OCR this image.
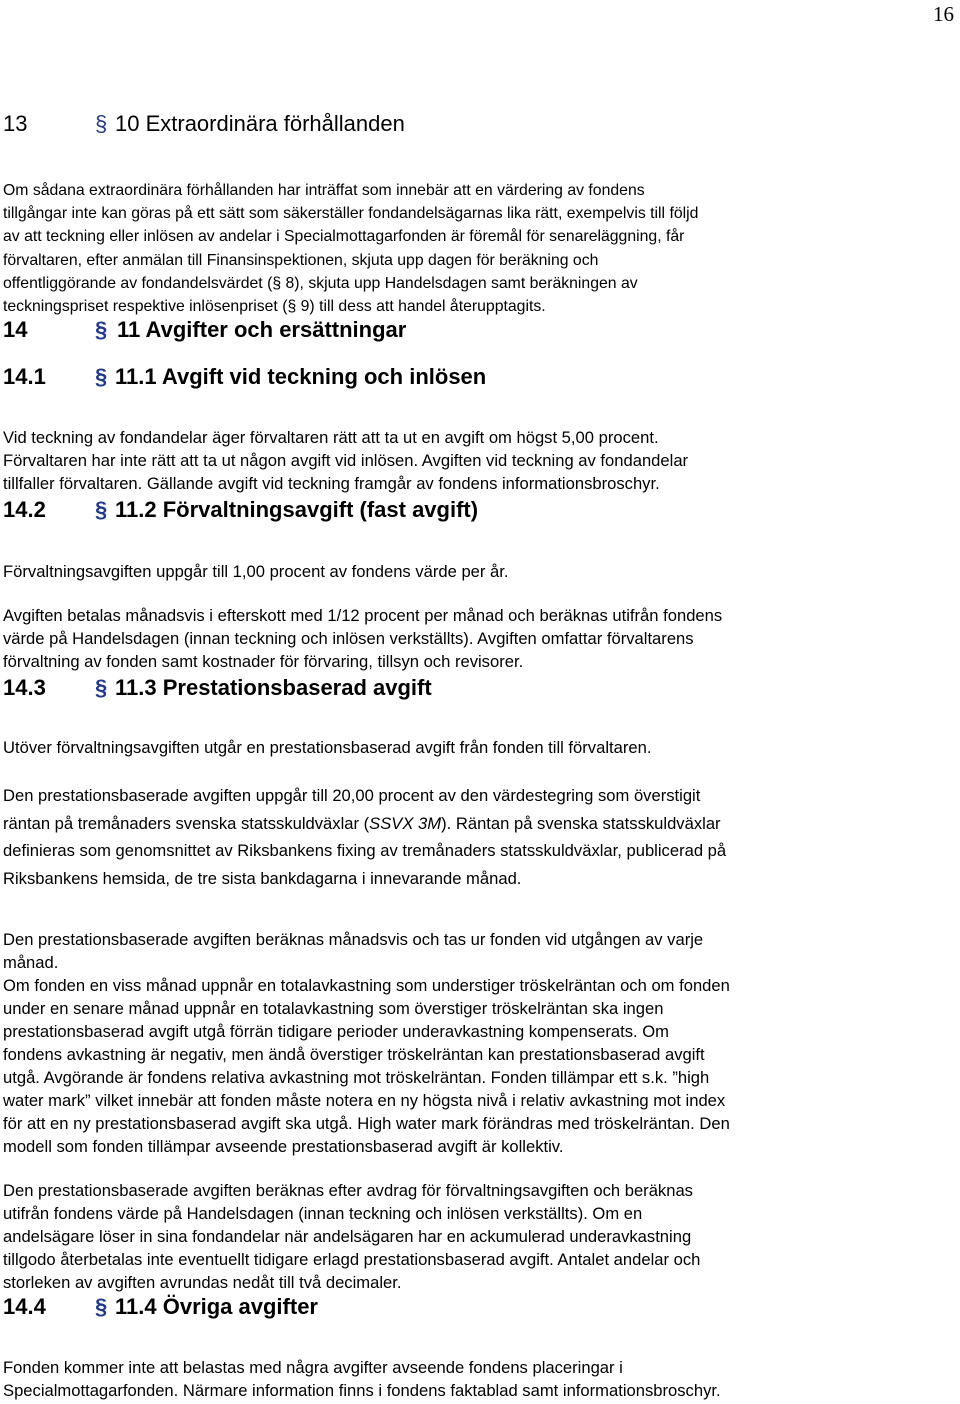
16
13	§ 10 Extraordinära förhållanden
Om sådana extraordinära förhållanden har inträffat som innebär att en värdering av fondens
tillgångar inte kan göras på ett sätt som säkerställer fondandelsägarnas lika rätt, exempelvis till följd
av att teckning eller inlösen av andelar i Specialmottagarfonden är föremål för senareläggning, får
förvaltaren, efter anmälan till Finansinspektionen, skjuta upp dagen för beräkning och
offentliggörande av fondandelsvärdet (§ 8), skjuta upp Handelsdagen samt beräkningen av
teckningspriset respektive inlösenpriset (§ 9) till dess att handel återupptagits.
14	§ 11 Avgifter och ersättningar
14.1 § 11.1 Avgift vid teckning och inlösen
Vid teckning av fondandelar äger förvaltaren rätt att ta ut en avgift om högst 5,00 procent.
Förvaltaren har inte rätt att ta ut någon avgift vid inlösen. Avgiften vid teckning av fondandelar
tillfaller förvaltaren. Gällande avgift vid teckning framgår av fondens informationsbroschyr.
14.2 § 11.2 Förvaltningsavgift (fast avgift)
Förvaltningsavgiften uppgår till 1,00 procent av fondens värde per år.
Avgiften betalas månadsvis i efterskott med 1/12 procent per månad och beräknas utifrån fondens
värde på Handelsdagen (innan teckning och inlösen verkställts). Avgiften omfattar förvaltarens
förvaltning av fonden samt kostnader för förvaring, tillsyn och revisorer.
14.3 § 11.3 Prestationsbaserad avgift
Utöver förvaltningsavgiften utgår en prestationsbaserad avgift från fonden till förvaltaren.
Den prestationsbaserade avgiften uppgår till 20,00 procent av den värdestegring som överstigit
räntan på tremånaders svenska statsskuldväxlar (SSVX 3M). Räntan på svenska statsskuldväxlar
definieras som genomsnittet av Riksbankens fixing av tremånaders statsskuldväxlar, publicerad på
Riksbankens hemsida, de tre sista bankdagarna i innevarande månad.
Den prestationsbaserade avgiften beräknas månadsvis och tas ur fonden vid utgången av varje
månad.
Om fonden en viss månad uppnår en totalavkastning som understiger tröskelräntan och om fonden
under en senare månad uppnår en totalavkastning som överstiger tröskelräntan ska ingen
prestationsbaserad avgift utgå förrän tidigare perioder underavkastning kompenserats. Om
fondens avkastning är negativ, men ändå överstiger tröskelräntan kan prestationsbaserad avgift
utgå. Avgörande är fondens relativa avkastning mot tröskelräntan. Fonden tillämpar ett s.k. ”high
water mark” vilket innebär att fonden måste notera en ny högsta nivå i relativ avkastning mot index
för att en ny prestationsbaserad avgift ska utgå. High water mark förändras med tröskelräntan. Den
modell som fonden tillämpar avseende prestationsbaserad avgift är kollektiv.
Den prestationsbaserade avgiften beräknas efter avdrag för förvaltningsavgiften och beräknas
utifrån fondens värde på Handelsdagen (innan teckning och inlösen verkställts). Om en
andelsägare löser in sina fondandelar när andelsägaren har en ackumulerad underavkastning
tillgodo återbetalas inte eventuellt tidigare erlagd prestationsbaserad avgift. Antalet andelar och
storleken av avgiften avrundas nedåt till två decimaler.
14.4 § 11.4 Övriga avgifter
Fonden kommer inte att belastas med några avgifter avseende fondens placeringar i
Specialmottagarfonden. Närmare information finns i fondens faktablad samt informationsbroschyr.
